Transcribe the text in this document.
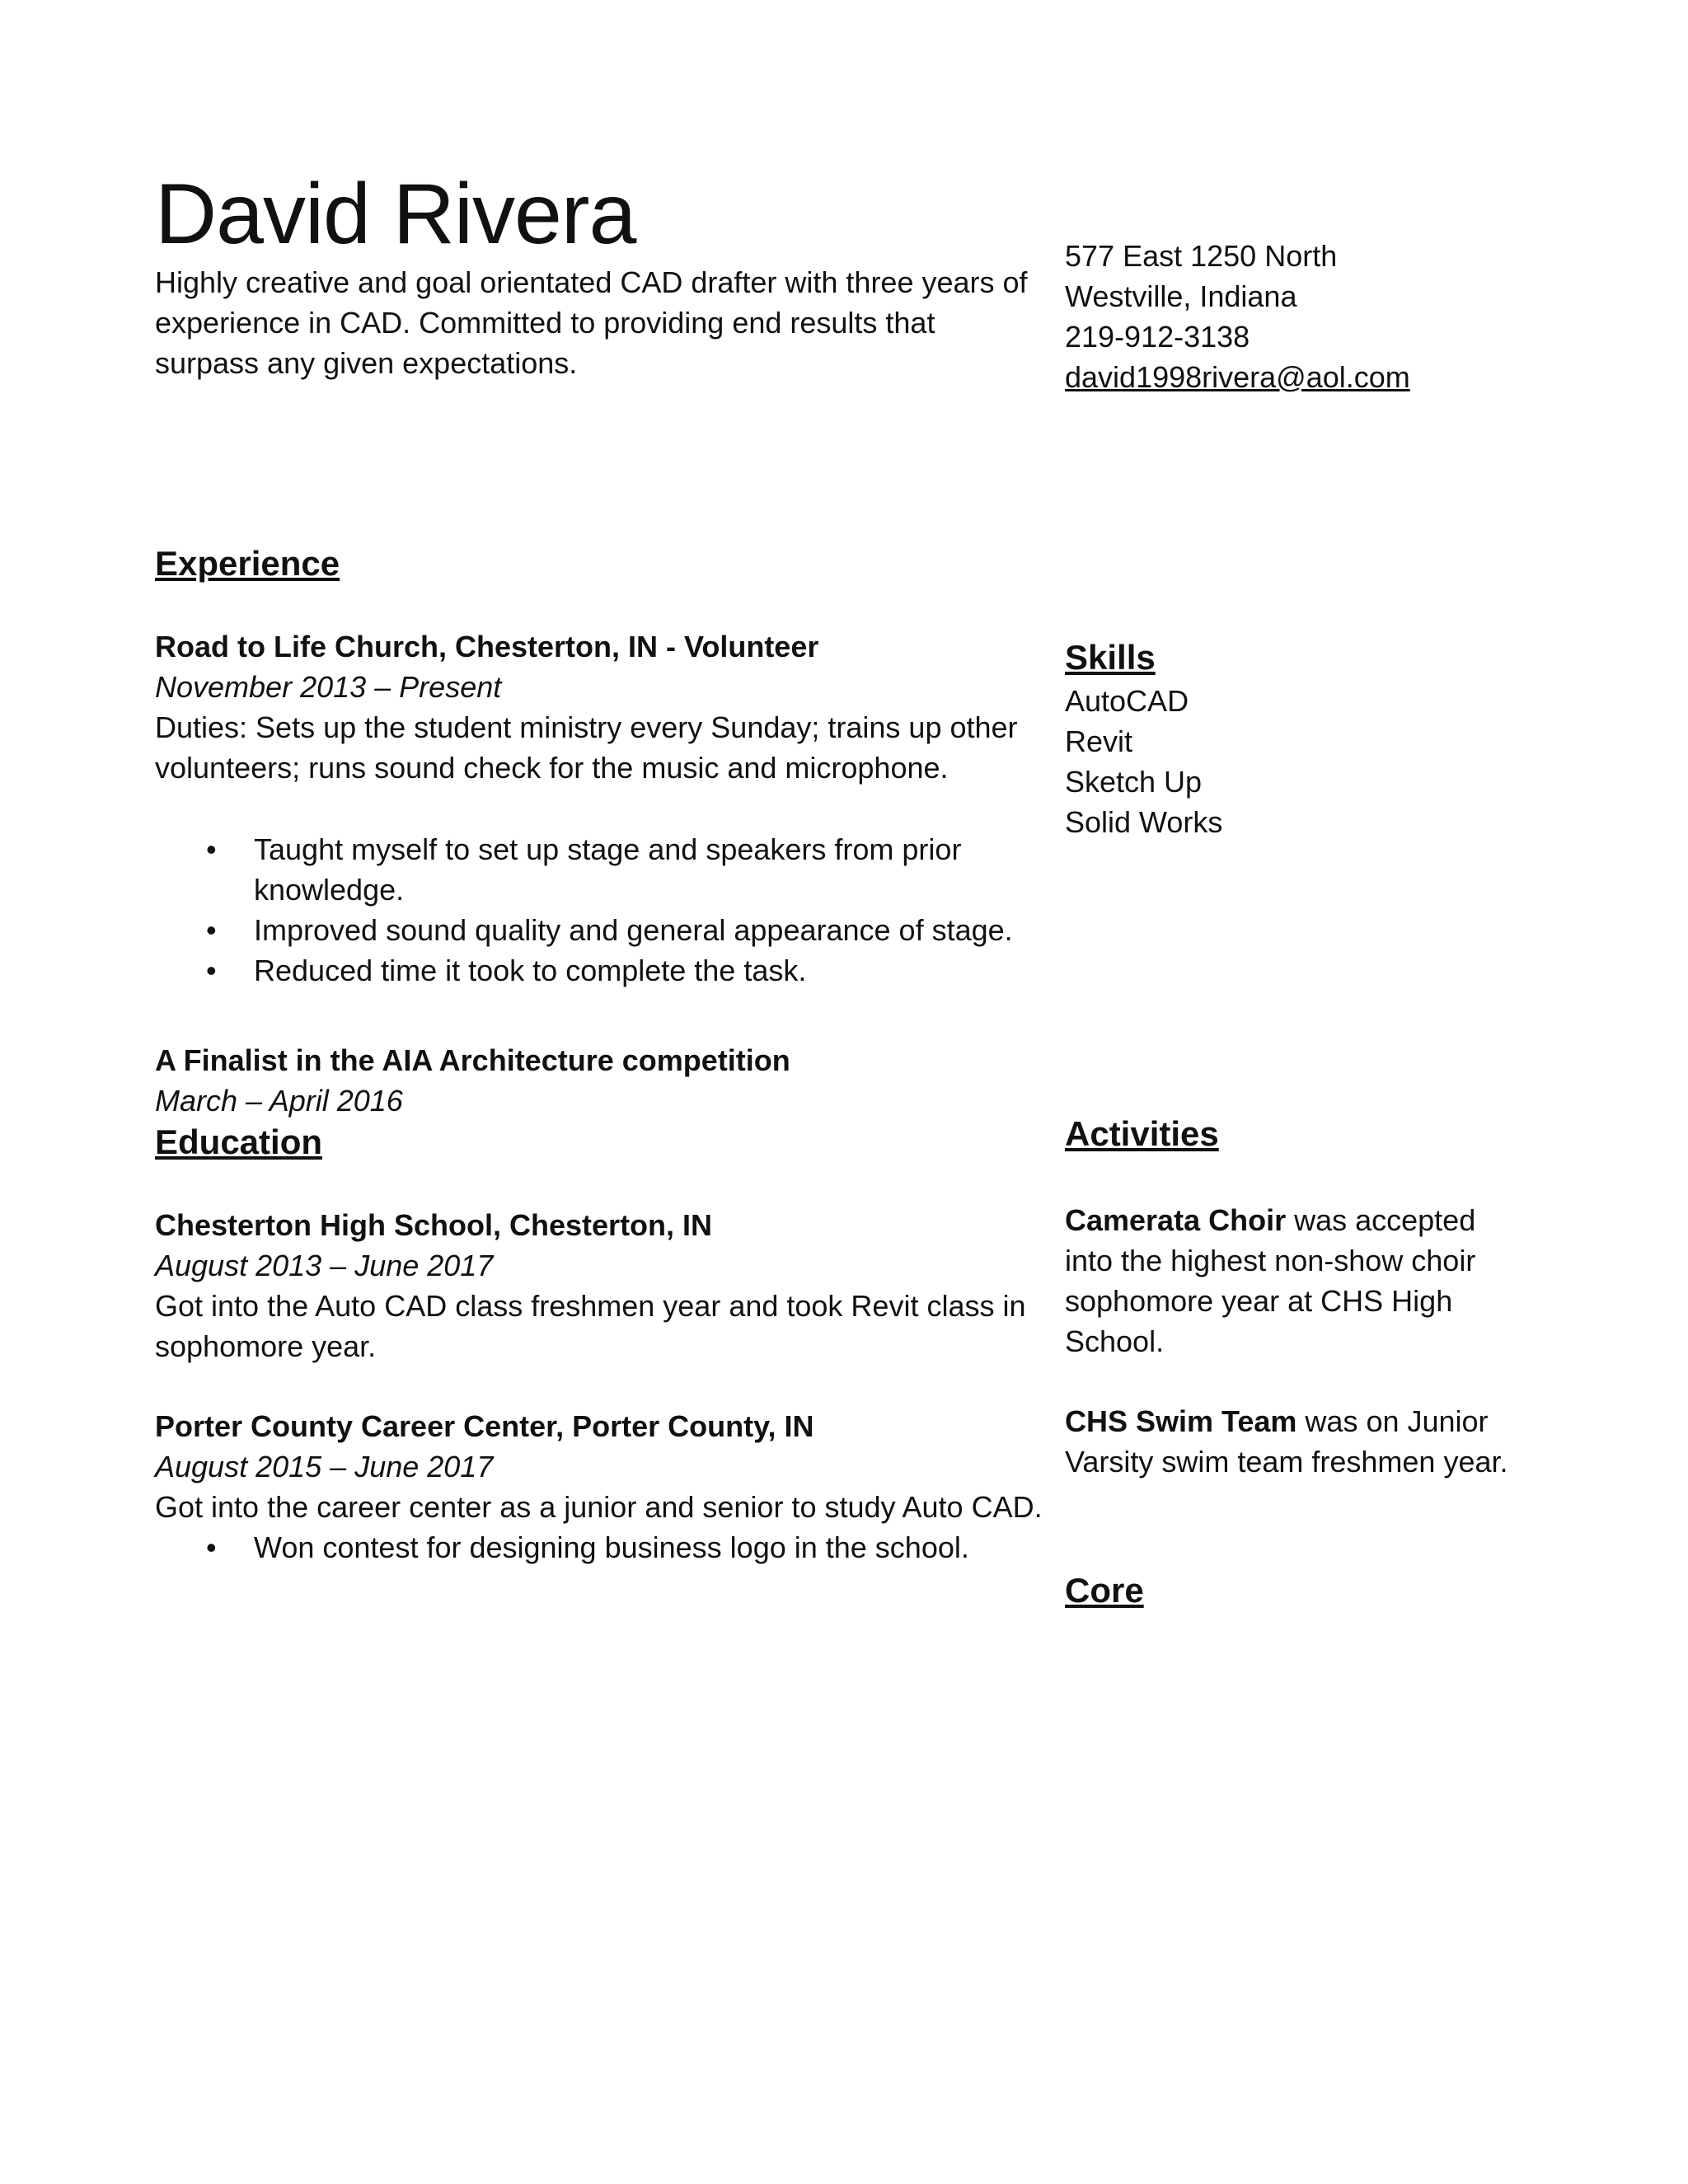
David Rivera
Highly creative and goal orientated CAD drafter with three years of experience in CAD. Committed to providing end results that surpass any given expectations.
577 East 1250 North
Westville, Indiana
219-912-3138
david1998rivera@aol.com
Experience
Road to Life Church, Chesterton, IN - Volunteer
November 2013 – Present

Duties: Sets up the student ministry every Sunday; trains up other volunteers; runs sound check for the music and microphone.

• Taught myself to set up stage and speakers from prior knowledge.
• Improved sound quality and general appearance of stage.
• Reduced time it took to complete the task.
A Finalist in the AIA Architecture competition
March – April 2016
Education
Chesterton High School, Chesterton, IN
August 2013 – June 2017

Got into the Auto CAD class freshmen year and took Revit class in sophomore year.

Porter County Career Center, Porter County, IN
August 2015 – June 2017

Got into the career center as a junior and senior to study Auto CAD.

• Won contest for designing business logo in the school.
Skills
AutoCAD
Revit
Sketch Up
Solid Works
Activities
Camerata Choir was accepted into the highest non-show choir sophomore year at CHS High School.
CHS Swim Team was on Junior Varsity swim team freshmen year.
Core
